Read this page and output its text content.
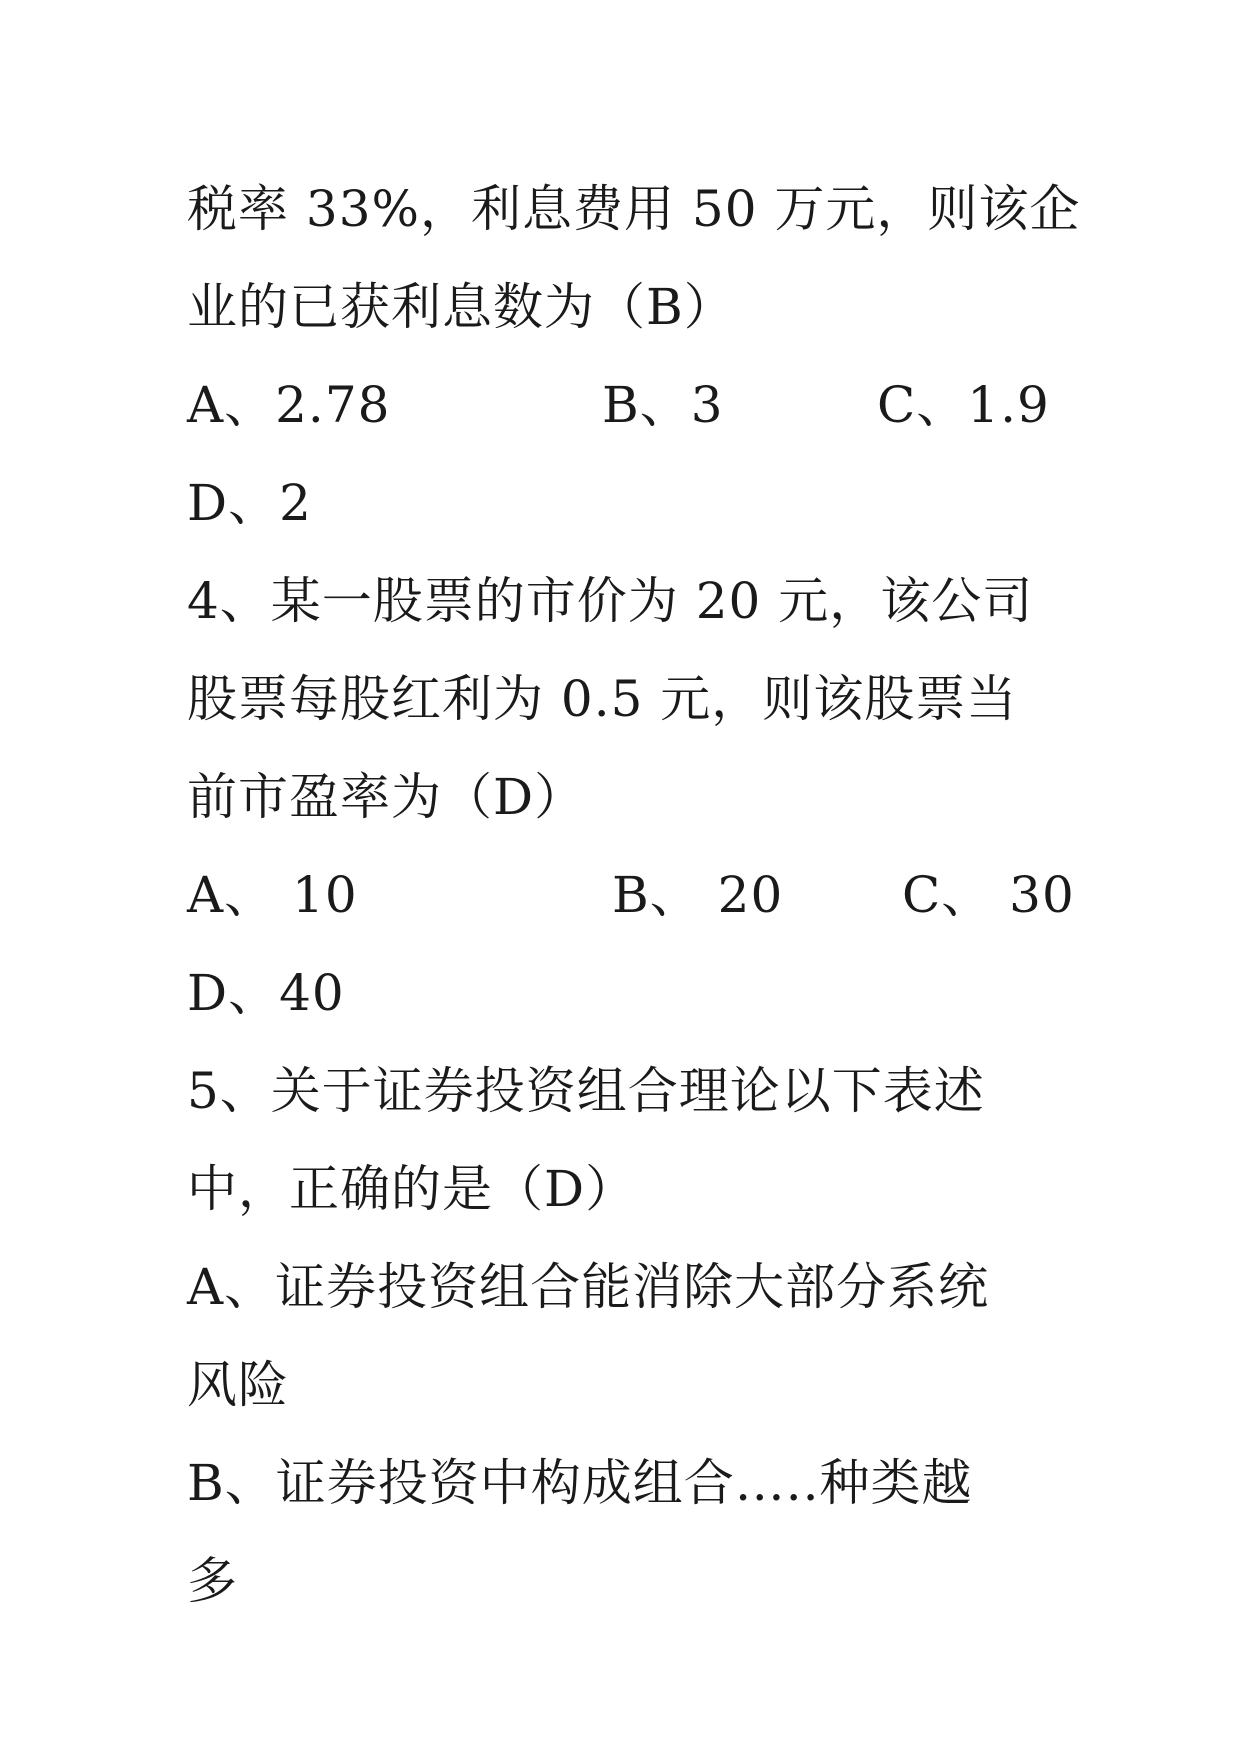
税率 33%，利息费用 50 万元，则该企
业的已获利息数为（B）
A、2.78	B、3	C、1.9
D、2
4、某一股票的市价为 20 元，该公司
股票每股红利为 0.5 元，则该股票当
前市盈率为（D）
A、 10	B、 20 C、 30
D、40
5、关于证券投资组合理论以下表述
中，正确的是（D）
A、证券投资组合能消除大部分系统
风险
B、证券投资中构成组合…..种类越
多
